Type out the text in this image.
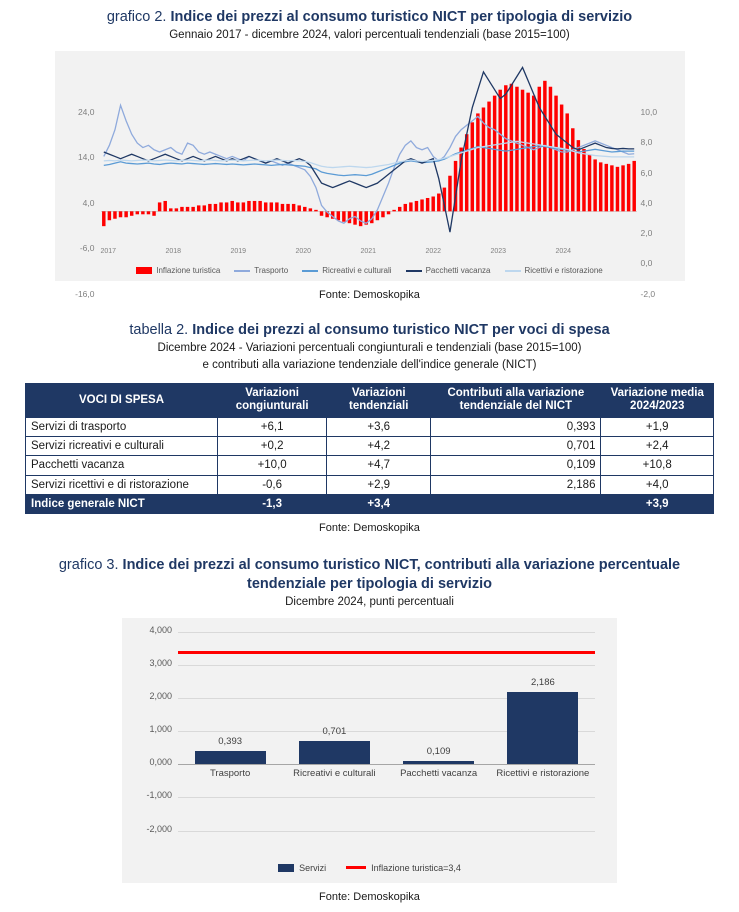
grafico 2. Indice dei prezzi al consumo turistico NICT per tipologia di servizio
Gennaio 2017 - dicembre 2024, valori percentuali tendenziali (base 2015=100)
24,0
14,0
4,0
-6,0
-16,0
10,0
8,0
6,0
4,0
2,0
0,0
-2,0
2017	2018	2019	2020	2021	2022	2023	2024
Inflazione turistica	Trasporto	Ricreativi e culturali	Pacchetti vacanza	Ricettivi e ristorazione
Fonte: Demoskopika
tabella 2. Indice dei prezzi al consumo turistico NICT per voci di spesa
Dicembre 2024 - Variazioni percentuali congiunturali e tendenziali (base 2015=100)
e contributi alla variazione tendenziale dell'indice generale (NICT)
VOCI DI SPESA	Variazioni congiunturali	Variazioni tendenziali	Contributi alla variazione tendenziale del NICT	Variazione media 2024/2023
Servizi di trasporto	+6,1	+3,6	0,393	+1,9
Servizi ricreativi e culturali	+0,2	+4,2	0,701	+2,4
Pacchetti vacanza	+10,0	+4,7	0,109	+10,8
Servizi ricettivi e di ristorazione	-0,6	+2,9	2,186	+4,0
Indice generale NICT	-1,3	+3,4		+3,9
Fonte: Demoskopika
grafico 3. Indice dei prezzi al consumo turistico NICT, contributi alla variazione percentuale tendenziale per tipologia di servizio
Dicembre 2024, punti percentuali
4,000
3,000
2,000
1,000
0,000
-1,000
-2,000
0,393
Trasporto
0,701
Ricreativi e culturali
0,109
Pacchetti vacanza
2,186
Ricettivi e ristorazione
Servizi	Inflazione turistica=3,4
Fonte: Demoskopika
